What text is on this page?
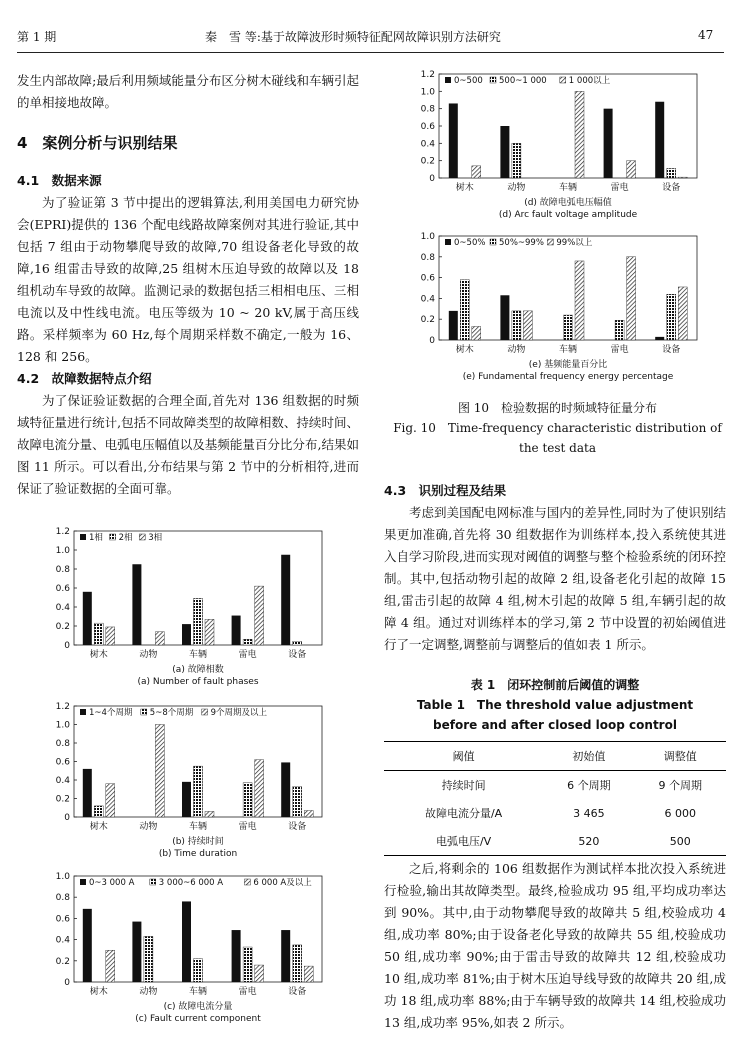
第 1 期	秦　雪 等:基于故障波形时频特征配网故障识别方法研究	47

发生内部故障;最后利用频域能量分布区分树木碰线和车辆引起的单相接地故障。

4　案例分析与识别结果
4.1　数据来源

为了验证第 3 节中提出的逻辑算法,利用美国电力研究协会(EPRI)提供的 136 个配电线路故障案例对其进行验证,其中包括 7 组由于动物攀爬导致的故障,70 组设备老化导致的故障,16 组雷击导致的故障,25 组树木压迫导致的故障以及 18 组机动车导致的故障。监测记录的数据包括三相相电压、三相电流以及中性线电流。电压等级为 10 ~ 20 kV,属于高压线路。采样频率为 60 Hz,每个周期采样数不确定,一般为 16、128 和 256。

4.2　故障数据特点介绍

为了保证验证数据的合理全面,首先对 136 组数据的时频域特征量进行统计,包括不同故障类型的故障相数、持续时间、故障电流分量、电弧电压幅值以及基频能量百分比分布,结果如图 11 所示。可以看出,分布结果与第 2 节中的分析相符,进而保证了验证数据的全面可靠。

0
0.2
0.4
0.6
0.8
1.0
1.2
1相 2相 3相
树木	动物	车辆	雷电	设备
(a) 故障相数
(a) Number of fault phases
0
0.2
0.4
0.6
0.8
1.0
1.2
1~4个周期 5~8个周期 9个周期及以上
树木	动物	车辆	雷电	设备
(b) 持续时间
(b) Time duration
0
0.2
0.4
0.6
0.8
1.0
0~3 000 A	3 000~6 000 A	6 000 A及以上
树木	动物	车辆	雷电	设备
(c) 故障电流分量
(c) Fault current component
0
0.2
0.4
0.6
0.8
1.0
1.2
0~500 500~1 000	1 000以上
树木	动物	车辆	雷电	设备
(d) 故障电弧电压幅值
(d) Arc fault voltage amplitude
0
0.2
0.4
0.6
0.8
1.0
0~50% 50%~99% 99%以上
树木	动物	车辆	雷电	设备
(e) 基频能量百分比
(e) Fundamental frequency energy percentage
图 10　检验数据的时频域特征量分布
Fig. 10　Time-frequency characteristic distribution of the test data
4.3　识别过程及结果

考虑到美国配电网标准与国内的差异性,同时为了使识别结果更加准确,首先将 30 组数据作为训练样本,投入系统使其进入自学习阶段,进而实现对阈值的调整与整个检验系统的闭环控制。其中,包括动物引起的故障 2 组,设备老化引起的故障 15 组,雷击引起的故障 4 组,树木引起的故障 5 组,车辆引起的故障 4 组。通过对训练样本的学习,第 2 节中设置的初始阈值进行了一定调整,调整前与调整后的值如表 1 所示。

表 1　闭环控制前后阈值的调整
Table 1　The threshold value adjustment before and after closed loop control
阈值	初始值	调整值
持续时间	6 个周期	9 个周期
故障电流分量/A	3 465	6 000
电弧电压/V	520	500

之后,将剩余的 106 组数据作为测试样本批次投入系统进行检验,输出其故障类型。最终,检验成功 95 组,平均成功率达到 90%。其中,由于动物攀爬导致的故障共 5 组,校验成功 4 组,成功率 80%;由于设备老化导致的故障共 55 组,校验成功 50 组,成功率 90%;由于雷击导致的故障共 12 组,校验成功 10 组,成功率 81%;由于树木压迫导线导致的故障共 20 组,成功 18 组,成功率 88%;由于车辆导致的故障共 14 组,校验成功 13 组,成功率 95%,如表 2 所示。
